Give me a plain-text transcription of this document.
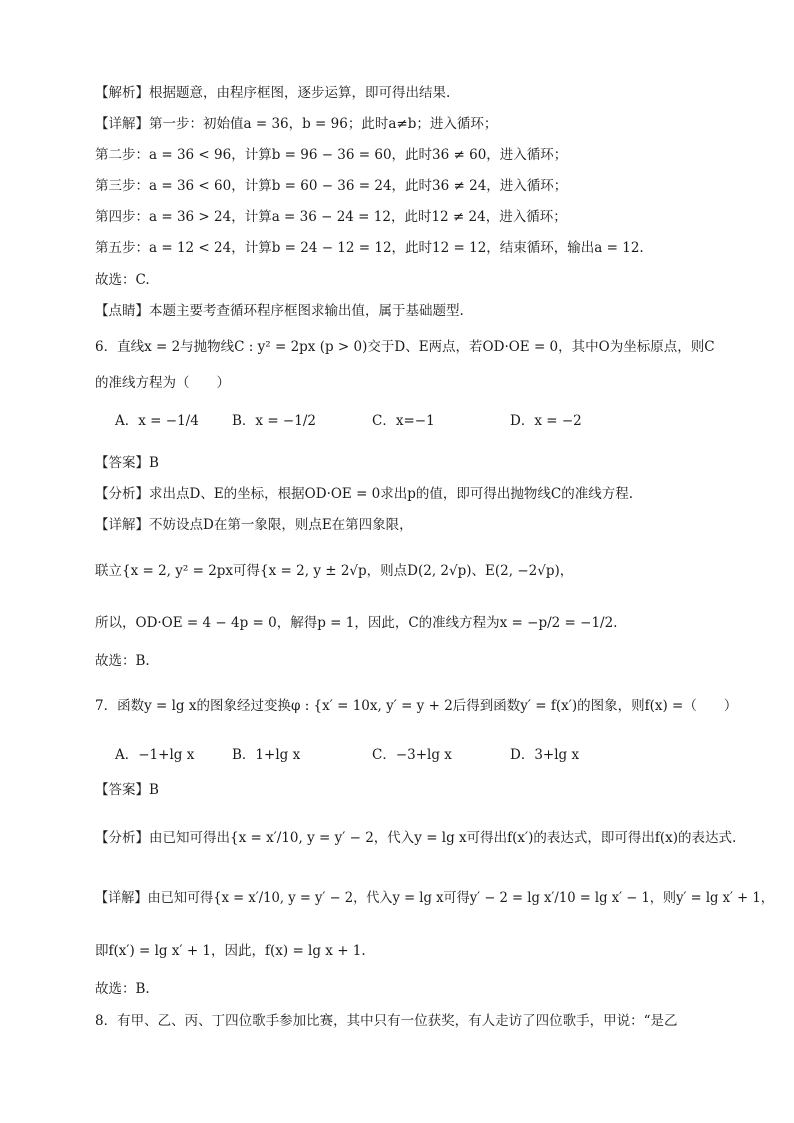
【解析】根据题意，由程序框图，逐步运算，即可得出结果.
【详解】第一步：初始值a = 36，b = 96；此时a≠b；进入循环；
第二步：a = 36 < 96，计算b = 96 − 36 = 60，此时36 ≠ 60，进入循环；
第三步：a = 36 < 60，计算b = 60 − 36 = 24，此时36 ≠ 24，进入循环；
第四步：a = 36 > 24，计算a = 36 − 24 = 12，此时12 ≠ 24，进入循环；
第五步：a = 12 < 24，计算b = 24 − 12 = 12，此时12 = 12，结束循环，输出a = 12.
故选：C.
【点睛】本题主要考查循环程序框图求输出值，属于基础题型.
6．直线x = 2与抛物线C : y² = 2px (p > 0)交于D、E两点，若OD·OE = 0，其中O为坐标原点，则C
的准线方程为（　　）
A．x = −1/4 B．x = −1/2	C．x=−1	D．x = −2
【答案】B
【分析】求出点D、E的坐标，根据OD·OE = 0求出p的值，即可得出抛物线C的准线方程.
【详解】不妨设点D在第一象限，则点E在第四象限，
联立{x = 2, y² = 2px可得{x = 2, y ± 2√p，则点D(2, 2√p)、E(2, −2√p)，
所以，OD·OE = 4 − 4p = 0，解得p = 1，因此，C的准线方程为x = −p/2 = −1/2.
故选：B.
7．函数y = lg x的图象经过变换φ : {x′ = 10x, y′ = y + 2后得到函数y′ = f(x′)的图象，则f(x) =（　　）
A．−1+lg x	B．1+lg x	C．−3+lg x	D．3+lg x
【答案】B
【分析】由已知可得出{x = x′/10, y = y′ − 2，代入y = lg x可得出f(x′)的表达式，即可得出f(x)的表达式.
【详解】由已知可得{x = x′/10, y = y′ − 2，代入y = lg x可得y′ − 2 = lg x′/10 = lg x′ − 1，则y′ = lg x′ + 1，
即f(x′) = lg x′ + 1，因此，f(x) = lg x + 1.
故选：B.
8．有甲、乙、丙、丁四位歌手参加比赛，其中只有一位获奖，有人走访了四位歌手，甲说：“是乙
